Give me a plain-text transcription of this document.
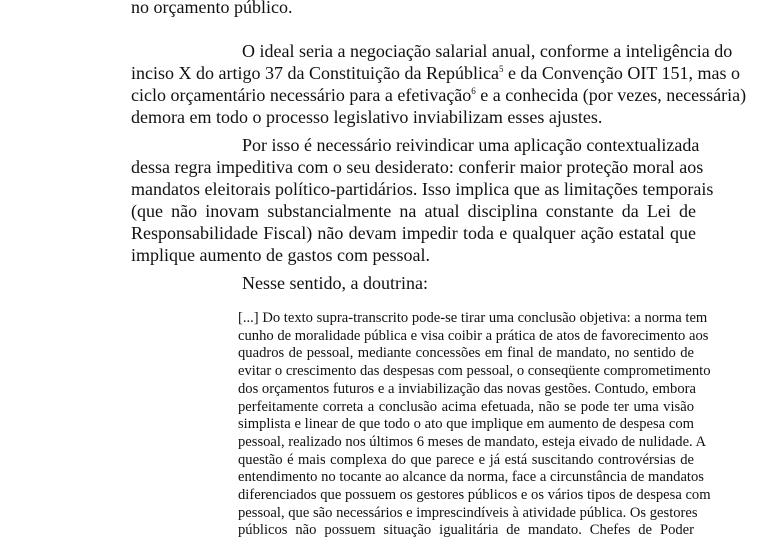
no orçamento público.
O ideal seria a negociação salarial anual, conforme a inteligência do
inciso X do artigo 37 da Constituição da República$^5$ e da Convenção OIT 151, mas o
ciclo orçamentário necessário para a efetivação$^6$ e a conhecida (por vezes, necessária)
demora em todo o processo legislativo inviabilizam esses ajustes.
Por isso é necessário reivindicar uma aplicação contextualizada
dessa regra impeditiva com o seu desiderato: conferir maior proteção moral aos
mandatos eleitorais político-partidários. Isso implica que as limitações temporais
(que não inovam substancialmente na atual disciplina constante da Lei de
Responsabilidade Fiscal) não devam impedir toda e qualquer ação estatal que
implique aumento de gastos com pessoal.
Nesse sentido, a doutrina:
[...] Do texto supra-transcrito pode-se tirar uma conclusão objetiva: a norma tem
cunho de moralidade pública e visa coibir a prática de atos de favorecimento aos
quadros de pessoal, mediante concessões em final de mandato, no sentido de
evitar o crescimento das despesas com pessoal, o conseqüente comprometimento
dos orçamentos futuros e a inviabilização das novas gestões. Contudo, embora
perfeitamente correta a conclusão acima efetuada, não se pode ter uma visão
simplista e linear de que todo o ato que implique em aumento de despesa com
pessoal, realizado nos últimos 6 meses de mandato, esteja eivado de nulidade. A
questão é mais complexa do que parece e já está suscitando controvérsias de
entendimento no tocante ao alcance da norma, face a circunstância de mandatos
diferenciados que possuem os gestores públicos e os vários tipos de despesa com
pessoal, que são necessários e imprescindíveis à atividade pública. Os gestores
públicos não possuem situação igualitária de mandato. Chefes de Poder
